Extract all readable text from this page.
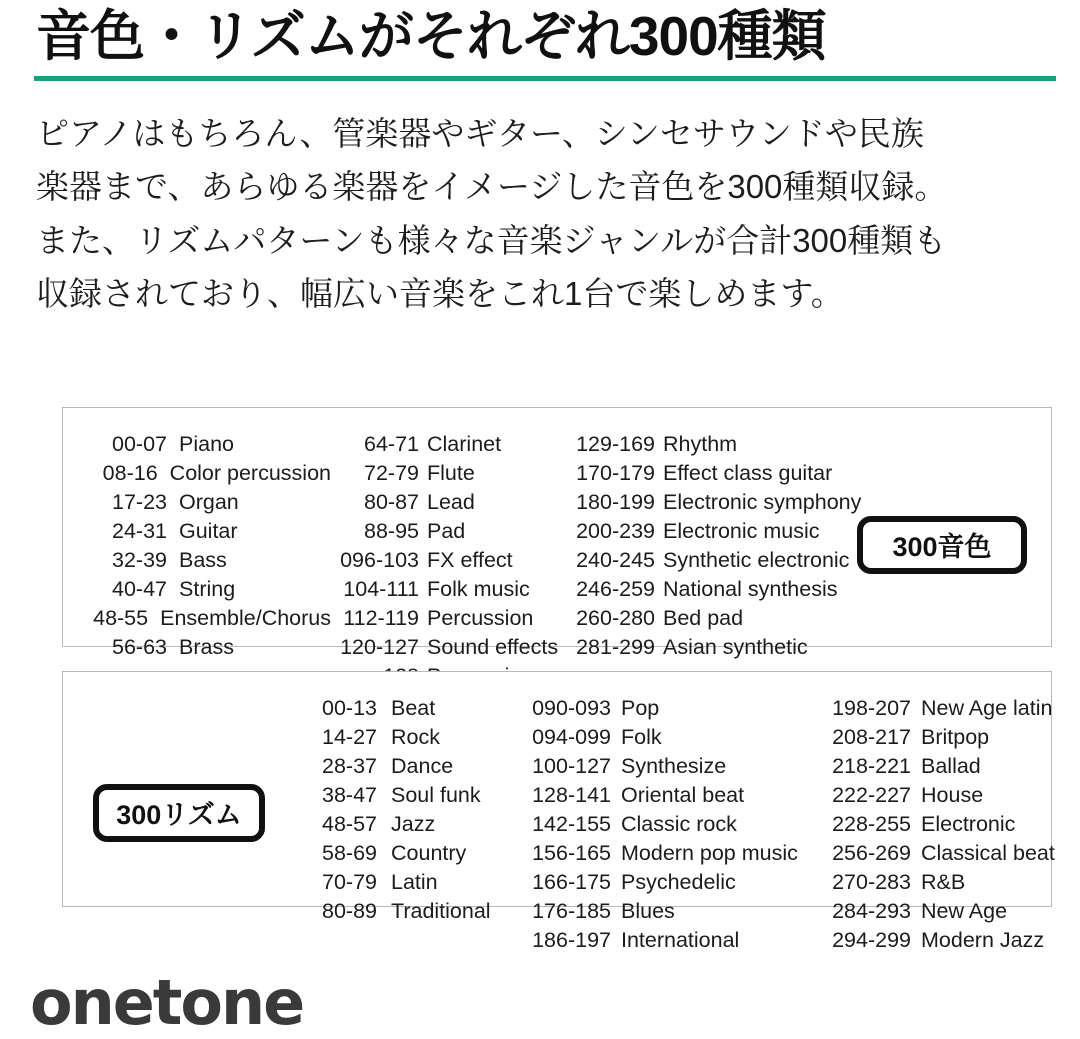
音色・リズムがそれぞれ300種類
ピアノはもちろん、管楽器やギター、シンセサウンドや民族
楽器まで、あらゆる楽器をイメージした音色を300種類収録。
また、リズムパターンも様々な音楽ジャンルが合計300種類も
収録されており、幅広い音楽をこれ1台で楽しめます。
00-07 Piano
08-16 Color percussion
17-23 Organ
24-31 Guitar
32-39 Bass
40-47 String
48-55 Ensemble/Chorus
56-63 Brass
64-71 Clarinet
72-79 Flute
80-87 Lead
88-95 Pad
096-103 FX effect
104-111 Folk music
112-119 Percussion
120-127 Sound effects
129-169 Rhythm
170-179 Effect class guitar
180-199 Electronic symphony
200-239 Electronic music
240-245 Synthetic electronic
246-259 National synthesis
260-280 Bed pad
281-299 Asian synthetic
300音色
00-13 Beat
14-27 Rock
28-37 Dance
38-47 Soul funk
48-57 Jazz
58-69 Country
70-79 Latin
80-89 Traditional
090-093 Pop
094-099 Folk
100-127 Synthesize
128-141 Oriental beat
142-155 Classic rock
156-165 Modern pop music
166-175 Psychedelic
176-185 Blues
186-197 International
198-207 New Age latin
208-217 Britpop
218-221 Ballad
222-227 House
228-255 Electronic
256-269 Classical beat
270-283 R&B
284-293 New Age
294-299 Modern Jazz
300リズム
onetone
